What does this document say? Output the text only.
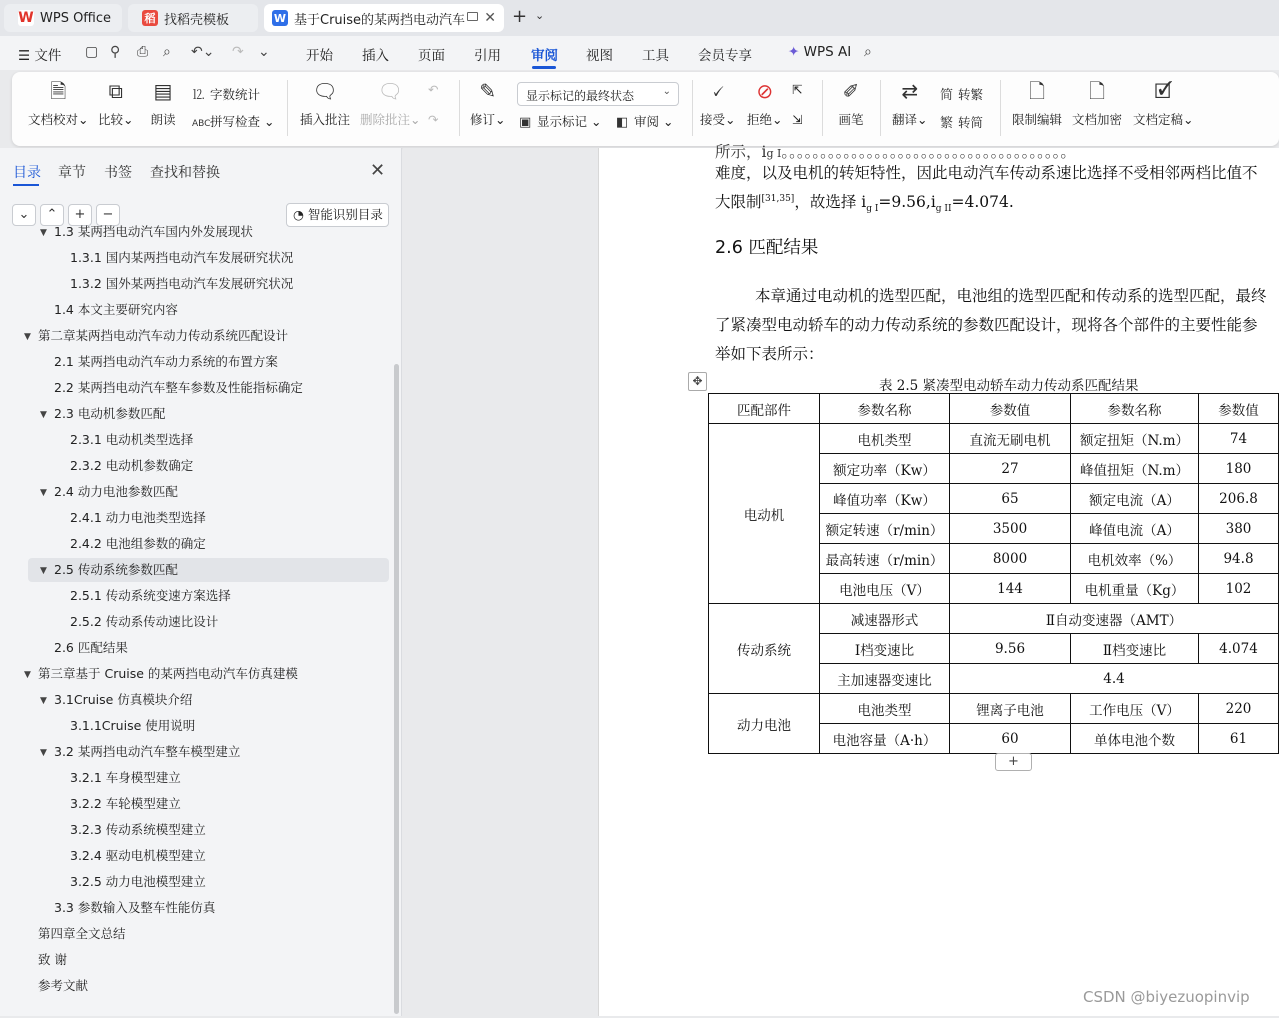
W WPS Office	稻 找稻壳模板	W 基于Cruise的某两挡电动汽车 ✕ + ⌄
☰ 文件 ▢ ⚲ ⎙ ⌕ ↶⌄ ↷ ⌄	开始 插入 页面 引用 审阅 视图 工具 会员专享	✦ WPS AI ⌕
🗎
文档校对⌄
⧉
比较⌄
▤
朗读
⒓ 字数统计
ABC拼写检查 ⌄
🗨
插入批注
🗨
删除批注⌄
↶
↷
✎
修订⌄
显示标记的最终状态	⌄
▣ 显示标记 ⌄ ◧ 审阅 ⌄
🗸
接受⌄
⊘
拒绝⌄
⇱
⇲
✐
画笔
⇄
翻译⌄
简 转繁
繁 转简
🗋
限制编辑
🗋
文档加密
🗹
文档定稿⌄
目录 章节 书签 查找和替换	✕
⌄	⌃	+	−	◔ 智能识别目录
▼ 1.3 某两挡电动汽车国内外发展现状
1.3.1 国内某两挡电动汽车发展研究状况
1.3.2 国外某两挡电动汽车发展研究状况
1.4 本文主要研究内容
▼ 第二章某两挡电动汽车动力传动系统匹配设计
2.1 某两挡电动汽车动力系统的布置方案
2.2 某两挡电动汽车整车参数及性能指标确定
▼ 2.3 电动机参数匹配
2.3.1 电动机类型选择
2.3.2 电动机参数确定
▼ 2.4 动力电池参数匹配
2.4.1 动力电池类型选择
2.4.2 电池组参数的确定
▼ 2.5 传动系统参数匹配
2.5.1 传动系统变速方案选择
2.5.2 传动系传动速比设计
2.6 匹配结果
▼ 第三章基于 Cruise 的某两挡电动汽车仿真建模
▼ 3.1Cruise 仿真模块介绍
3.1.1Cruise 使用说明
▼ 3.2 某两挡电动汽车整车模型建立
3.2.1 车身模型建立
3.2.2 车轮模型建立
3.2.3 传动系统模型建立
3.2.4 驱动电机模型建立
3.2.5 动力电池模型建立
3.3 参数输入及整车性能仿真
第四章全文总结
致 谢
参考文献
所示，ig I。。。。。。。。。。。。。。。。。。。。。。。。。。。。。。。。。。。。。
难度，以及电机的转矩特性，因此电动汽车传动系速比选择不受相邻两档比值不
大限制[31,35]，故选择 $i_{g I}=9.56,i_{g II}=4.074$.
2.6 匹配结果
本章通过电动机的选型匹配，电池组的选型匹配和传动系的选型匹配，最终
了紧凑型电动轿车的动力传动系统的参数匹配设计，现将各个部件的主要性能参
举如下表所示：
✥	表 2.5 紧凑型电动轿车动力传动系匹配结果
匹配部件	参数名称	参数值	参数名称	参数值
电动机	电机类型	直流无刷电机	额定扭矩（N.m）	74
	额定功率（Kw）	27	峰值扭矩（N.m）	180
	峰值功率（Kw）	65	额定电流（A）	206.8
	额定转速（r/min）	3500	峰值电流（A）	380
	最高转速（r/min）	8000	电机效率（%）	94.8
	电池电压（V）	144	电机重量（Kg）	102
传动系统	减速器形式	Ⅱ自动变速器（AMT）		
	Ⅰ档变速比	9.56	Ⅱ档变速比	4.074
	主加速器变速比	4.4		
动力电池	电池类型	锂离子电池	工作电压（V）	220
	电池容量（A·h）	60	单体电池个数	61
+
CSDN @biyezuopinvip
